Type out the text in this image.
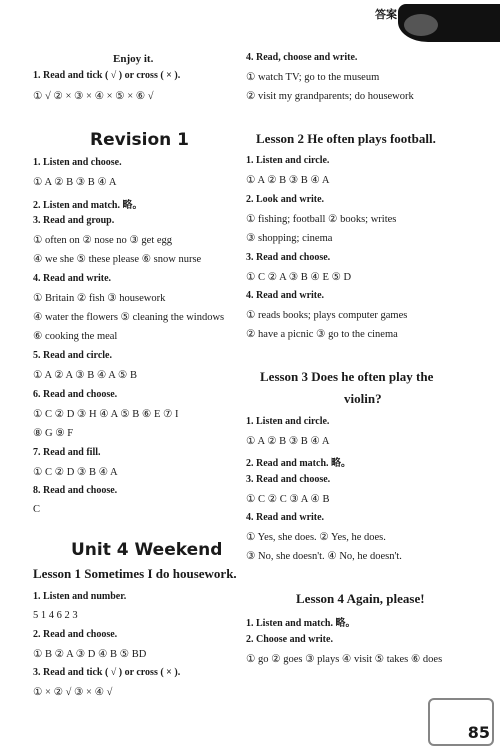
答案
Enjoy it.
1. Read and tick ( √ ) or cross ( × ).
① √ ② × ③ × ④ × ⑤ × ⑥ √
Revision 1
1. Listen and choose.
① A ② B ③ B ④ A
2. Listen and match. 略。
3. Read and group.
① often on ② nose no ③ get egg
④ we she ⑤ these please ⑥ snow nurse
4. Read and write.
① Britain ② fish ③ housework
④ water the flowers ⑤ cleaning the windows
⑥ cooking the meal
5. Read and circle.
① A ② A ③ B ④ A ⑤ B
6. Read and choose.
① C ② D ③ H ④ A ⑤ B ⑥ E ⑦ I
⑧ G ⑨ F
7. Read and fill.
① C ② D ③ B ④ A
8. Read and choose.
C
Unit 4 Weekend
Lesson 1 Sometimes I do housework.
1. Listen and number.
5 1 4 6 2 3
2. Read and choose.
① B ② A ③ D ④ B ⑤ BD
3. Read and tick ( √ ) or cross ( × ).
① × ② √ ③ × ④ √
4. Read, choose and write.
① watch TV; go to the museum
② visit my grandparents; do housework
Lesson 2 He often plays football.
1. Listen and circle.
① A ② B ③ B ④ A
2. Look and write.
① fishing; football ② books; writes
③ shopping; cinema
3. Read and choose.
① C ② A ③ B ④ E ⑤ D
4. Read and write.
① reads books; plays computer games
② have a picnic ③ go to the cinema
Lesson 3 Does he often play the
violin?
1. Listen and circle.
① A ② B ③ B ④ A
2. Read and match. 略。
3. Read and choose.
① C ② C ③ A ④ B
4. Read and write.
① Yes, she does. ② Yes, he does.
③ No, she doesn't. ④ No, he doesn't.
Lesson 4 Again, please!
1. Listen and match. 略。
2. Choose and write.
① go ② goes ③ plays ④ visit ⑤ takes ⑥ does
85
